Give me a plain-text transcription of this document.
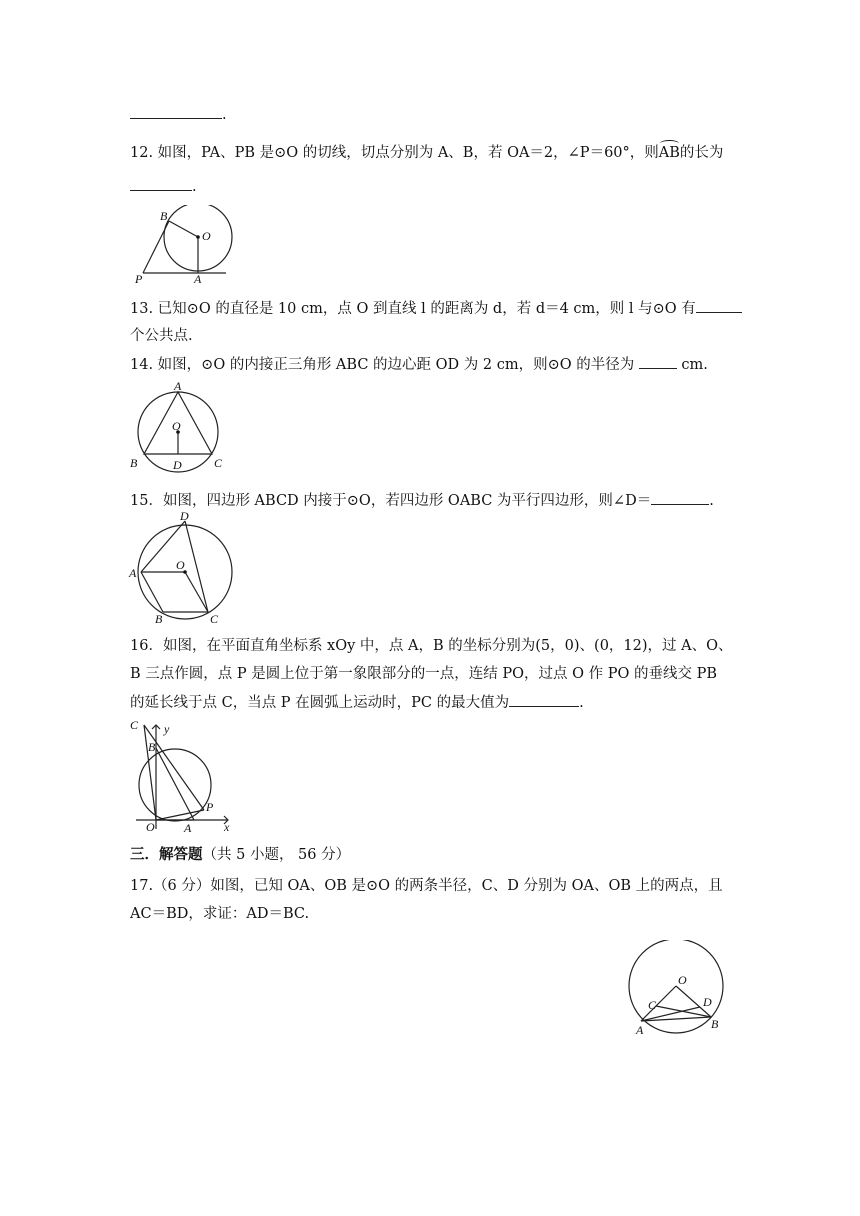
.
12. 如图，PA、PB 是⊙O 的切线，切点分别为 A、B，若 OA＝2，∠P＝60°，则AB的长为
.
B
O
P	A
13. 已知⊙O 的直径是 10 cm，点 O 到直线 l 的距离为 d，若 d＝4 cm，则 l 与⊙O 有
个公共点.
14. 如图，⊙O 的内接正三角形 ABC 的边心距 OD 为 2 cm，则⊙O 的半径为	cm.
A
O
B	D	C
15．如图，四边形 ABCD 内接于⊙O，若四边形 OABC 为平行四边形，则∠D＝	.
D
A
O
B	C
16．如图，在平面直角坐标系 xOy 中，点 A，B 的坐标分别为(5，0)、(0，12)，过 A、O、
B 三点作圆，点 P 是圆上位于第一象限部分的一点，连结 PO，过点 O 作 PO 的垂线交 PB
的延长线于点 C，当点 P 在圆弧上运动时，PC 的最大值为	.
C y
B
P
O A	x
三．解答题（共 5 小题， 56 分）
17.（6 分）如图，已知 OA、OB 是⊙O 的两条半径，C、D 分别为 OA、OB 上的两点，且
AC＝BD，求证：AD＝BC.
O
C	D
A	B
